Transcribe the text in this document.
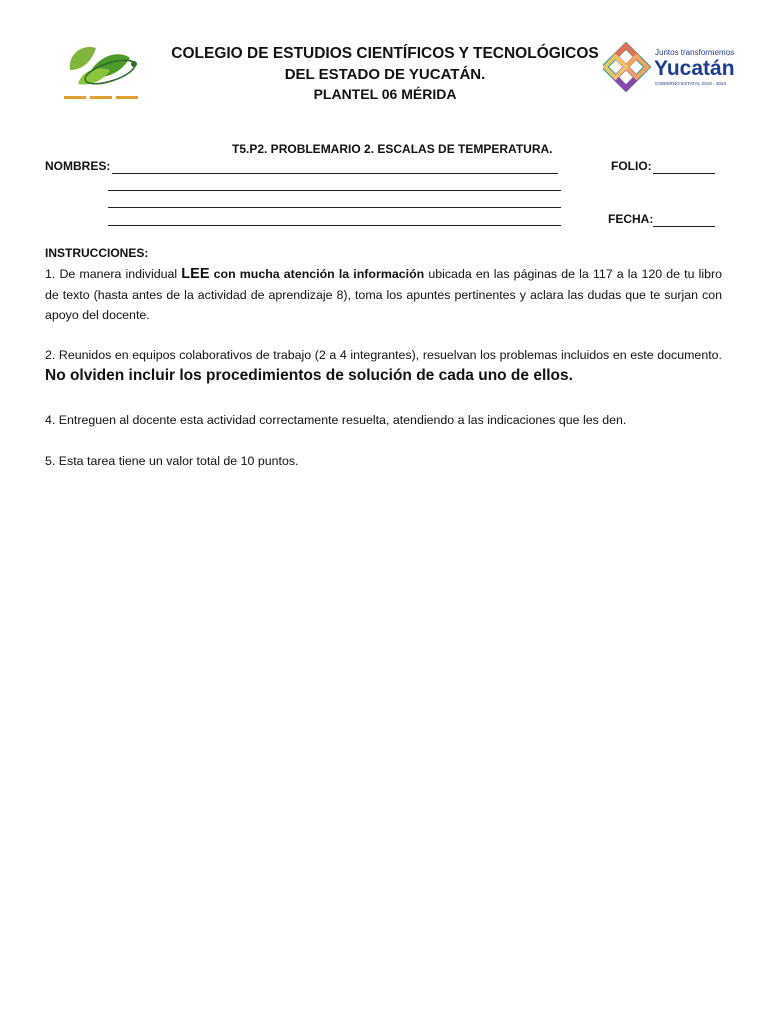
COLEGIO DE ESTUDIOS CIENTÍFICOS Y TECNOLÓGICOS
DEL ESTADO DE YUCATÁN.
PLANTEL 06 MÉRIDA
Juntos transformemos
Yucatán
GOBIERNO ESTATAL 2018 - 2024
T5.P2. PROBLEMARIO 2. ESCALAS DE TEMPERATURA.
NOMBRES:	FOLIO:
FECHA:
INSTRUCCIONES:
1. De manera individual LEE con mucha atención la información ubicada en las páginas de la 117 a la 120 de tu libro de texto (hasta antes de la actividad de aprendizaje 8), toma los apuntes pertinentes y aclara las dudas que te surjan con apoyo del docente.
2. Reunidos en equipos colaborativos de trabajo (2 a 4 integrantes), resuelvan los problemas incluidos en este documento. No olviden incluir los procedimientos de solución de cada uno de ellos.
4. Entreguen al docente esta actividad correctamente resuelta, atendiendo a las indicaciones que les den.
5. Esta tarea tiene un valor total de 10 puntos.
